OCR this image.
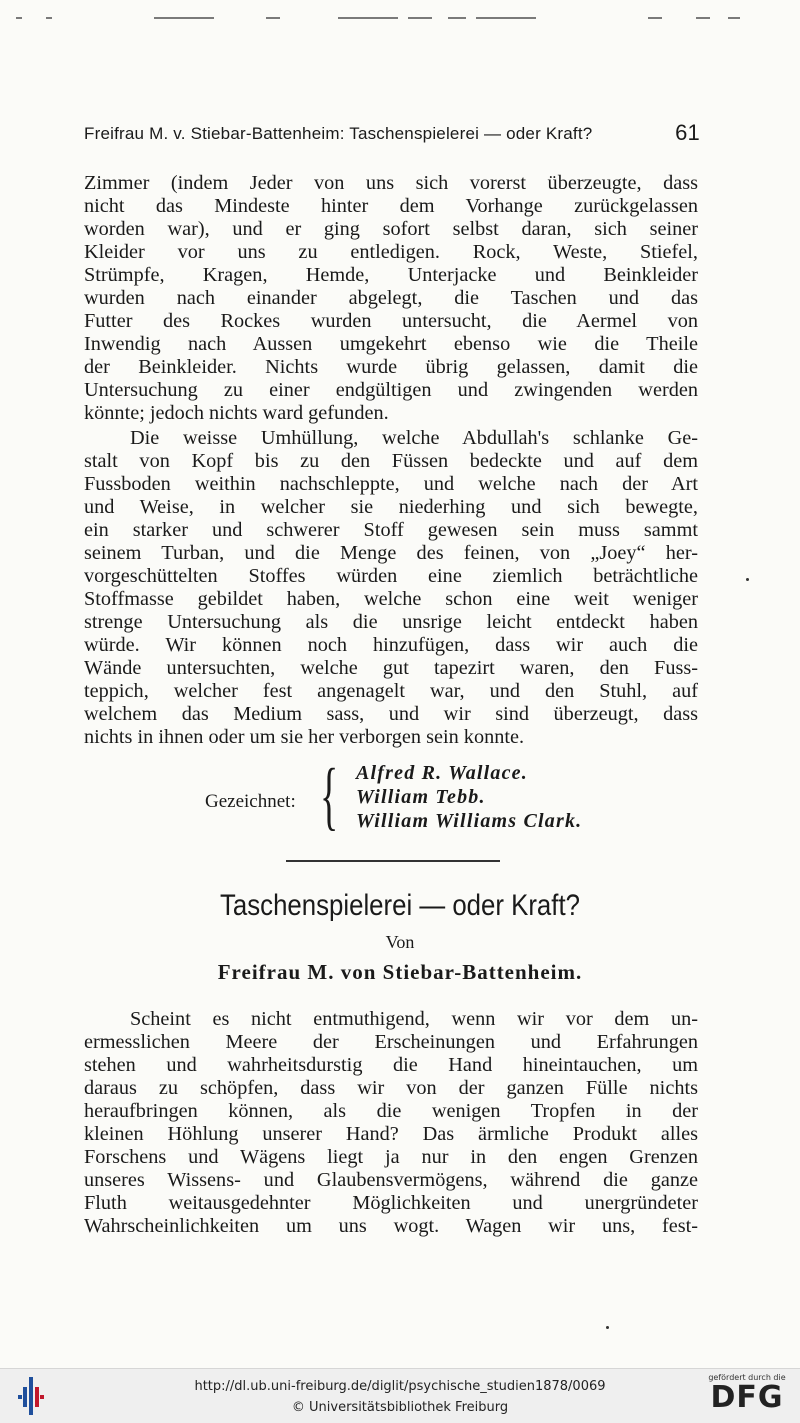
Freifrau M. v. Stiebar-Battenheim: Taschenspielerei — oder Kraft?	61
Zimmer (indem Jeder von uns sich vorerst überzeugte, dass
nicht das Mindeste hinter dem Vorhange zurückgelassen
worden war), und er ging sofort selbst daran, sich seiner
Kleider vor uns zu entledigen. Rock, Weste, Stiefel,
Strümpfe, Kragen, Hemde, Unterjacke und Beinkleider
wurden nach einander abgelegt, die Taschen und das
Futter des Rockes wurden untersucht, die Aermel von
Inwendig nach Aussen umgekehrt ebenso wie die Theile
der Beinkleider. Nichts wurde übrig gelassen, damit die
Untersuchung zu einer endgültigen und zwingenden werden
könnte; jedoch nichts ward gefunden.
Die weisse Umhüllung, welche Abdullah's schlanke Ge-
stalt von Kopf bis zu den Füssen bedeckte und auf dem
Fussboden weithin nachschleppte, und welche nach der Art
und Weise, in welcher sie niederhing und sich bewegte,
ein starker und schwerer Stoff gewesen sein muss sammt
seinem Turban, und die Menge des feinen, von „Joey“ her-
vorgeschüttelten Stoffes würden eine ziemlich beträchtliche
Stoffmasse gebildet haben, welche schon eine weit weniger
strenge Untersuchung als die unsrige leicht entdeckt haben
würde. Wir können noch hinzufügen, dass wir auch die
Wände untersuchten, welche gut tapezirt waren, den Fuss-
teppich, welcher fest angenagelt war, und den Stuhl, auf
welchem das Medium sass, und wir sind überzeugt, dass
nichts in ihnen oder um sie her verborgen sein konnte.
Gezeichnet: { Alfred R. Wallace.
William Tebb.
William Williams Clark.
Taschenspielerei — oder Kraft?
Von
Freifrau M. von Stiebar-Battenheim.
Scheint es nicht entmuthigend, wenn wir vor dem un-
ermesslichen Meere der Erscheinungen und Erfahrungen
stehen und wahrheitsdurstig die Hand hineintauchen, um
daraus zu schöpfen, dass wir von der ganzen Fülle nichts
heraufbringen können, als die wenigen Tropfen in der
kleinen Höhlung unserer Hand? Das ärmliche Produkt alles
Forschens und Wägens liegt ja nur in den engen Grenzen
unseres Wissens- und Glaubensvermögens, während die ganze
Fluth weitausgedehnter Möglichkeiten und unergründeter
Wahrscheinlichkeiten um uns wogt. Wagen wir uns, fest-
http://dl.ub.uni-freiburg.de/diglit/psychische_studien1878/0069
© Universitätsbibliothek Freiburg
gefördert durch die
DFG
